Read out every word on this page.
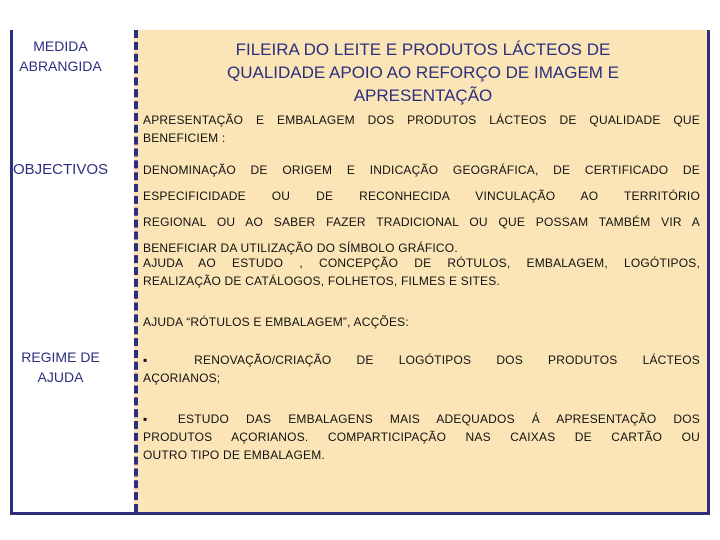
MEDIDA
ABRANGIDA
OBJECTIVOS
REGIME DE
AJUDA
FILEIRA DO LEITE E PRODUTOS LÁCTEOS DE
QUALIDADE APOIO AO REFORÇO DE IMAGEM E
APRESENTAÇÃO
APRESENTAÇÃO E EMBALAGEM DOS PRODUTOS LÁCTEOS DE QUALIDADE QUE
BENEFICIEM :
DENOMINAÇÃO DE ORIGEM E INDICAÇÃO GEOGRÁFICA, DE CERTIFICADO DE
ESPECIFICIDADE OU DE RECONHECIDA VINCULAÇÃO AO TERRITÓRIO
REGIONAL OU AO SABER FAZER TRADICIONAL OU QUE POSSAM TAMBÉM VIR A
BENEFICIAR DA UTILIZAÇÃO DO SÍMBOLO GRÁFICO.
AJUDA AO ESTUDO , CONCEPÇÃO DE RÓTULOS, EMBALAGEM, LOGÓTIPOS,
REALIZAÇÃO DE CATÁLOGOS, FOLHETOS, FILMES E SITES.
AJUDA “RÓTULOS E EMBALAGEM”, ACÇÕES:
▪ RENOVAÇÃO/CRIAÇÃO DE LOGÓTIPOS DOS PRODUTOS LÁCTEOS
AÇORIANOS;
▪ ESTUDO DAS EMBALAGENS MAIS ADEQUADOS Á APRESENTAÇÃO DOS
PRODUTOS AÇORIANOS. COMPARTICIPAÇÃO NAS CAIXAS DE CARTÃO OU
OUTRO TIPO DE EMBALAGEM.
